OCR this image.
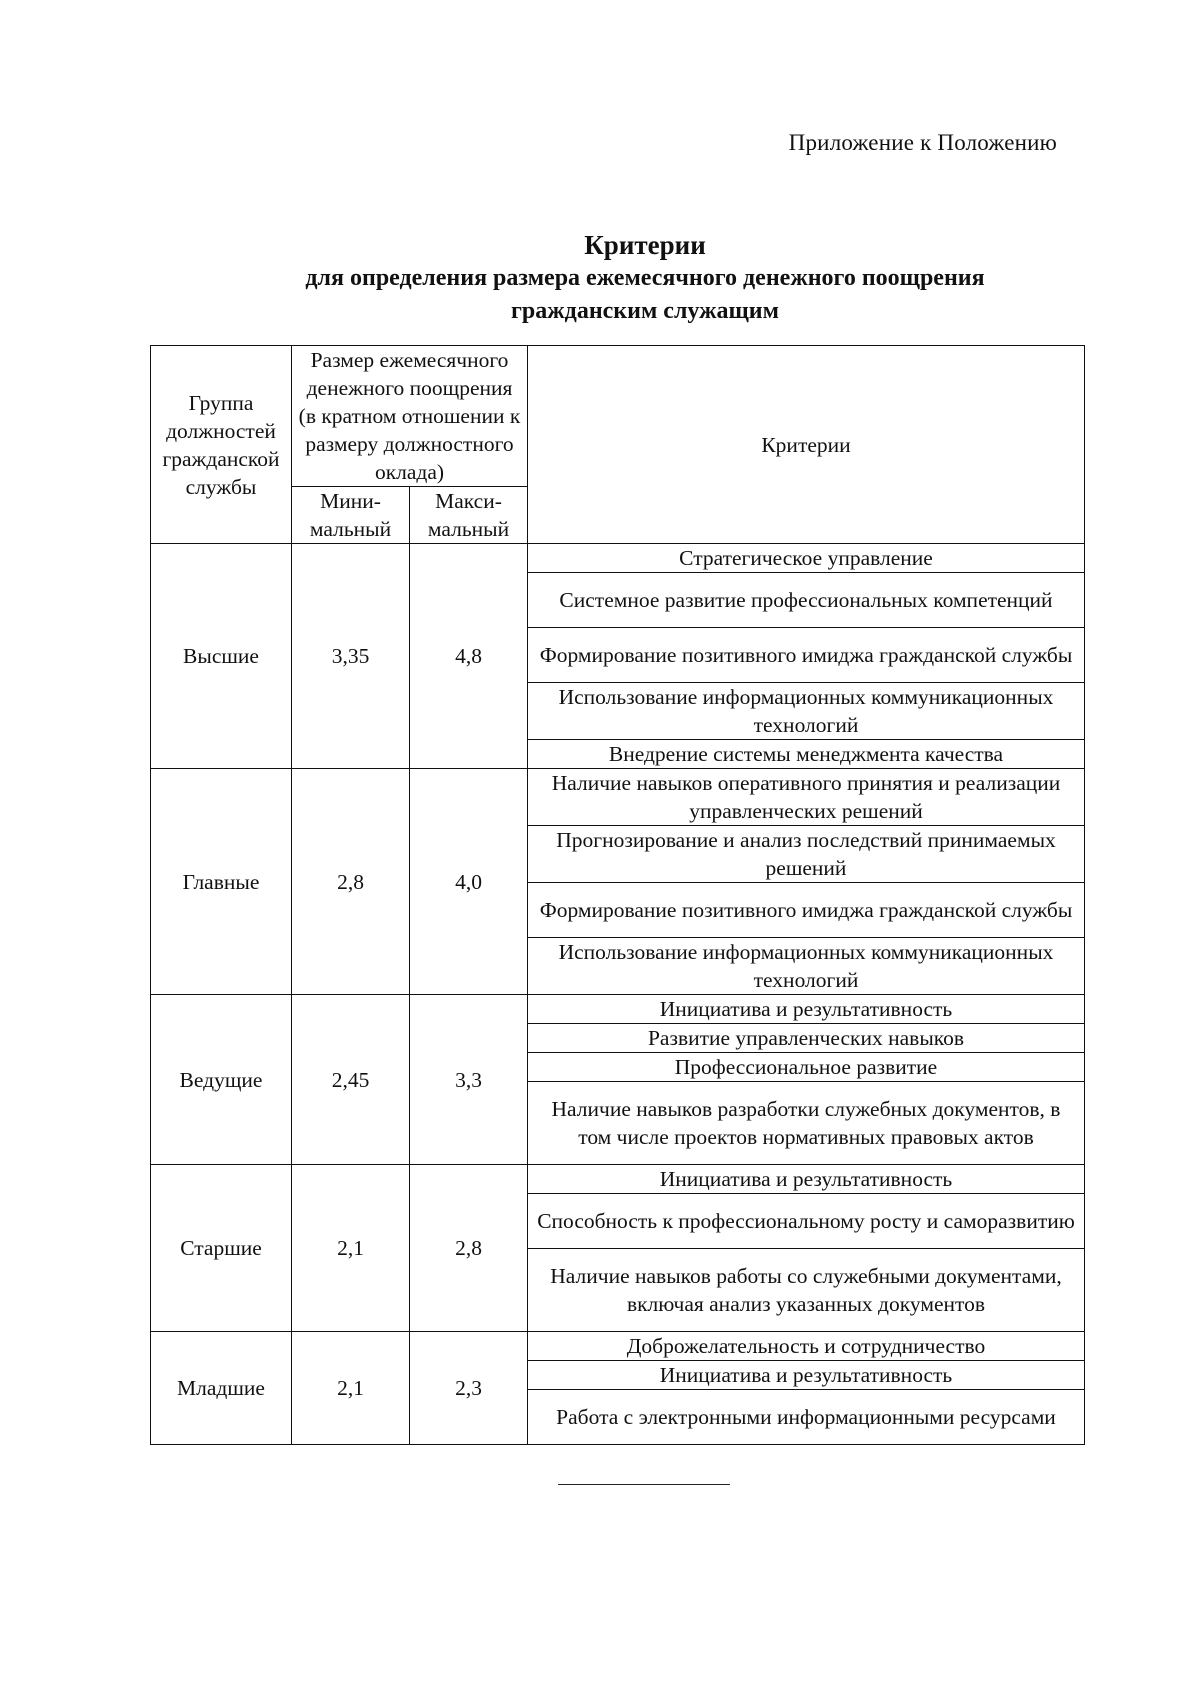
Приложение к Положению
Критерии
для определения размера ежемесячного денежного поощрения
гражданским служащим
Группа должностей гражданской службы	Размер ежемесячного денежного поощрения (в кратном отношении к размеру должностного оклада)		Критерии
	Мини-мальный	Макси-мальный	
Высшие	3,35	4,8	Стратегическое управление
			Системное развитие профессиональных компетенций
			Формирование позитивного имиджа гражданской службы
			Использование информационных коммуникационных технологий
			Внедрение системы менеджмента качества
Главные	2,8	4,0	Наличие навыков оперативного принятия и реализации управленческих решений
			Прогнозирование и анализ последствий принимаемых решений
			Формирование позитивного имиджа гражданской службы
			Использование информационных коммуникационных технологий
Ведущие	2,45	3,3	Инициатива и результативность
			Развитие управленческих навыков
			Профессиональное развитие
			Наличие навыков разработки служебных документов, в том числе проектов нормативных правовых актов
Старшие	2,1	2,8	Инициатива и результативность
			Способность к профессиональному росту и саморазвитию
			Наличие навыков работы со служебными документами, включая анализ указанных документов
Младшие	2,1	2,3	Доброжелательность и сотрудничество
			Инициатива и результативность
			Работа с электронными информационными ресурсами
